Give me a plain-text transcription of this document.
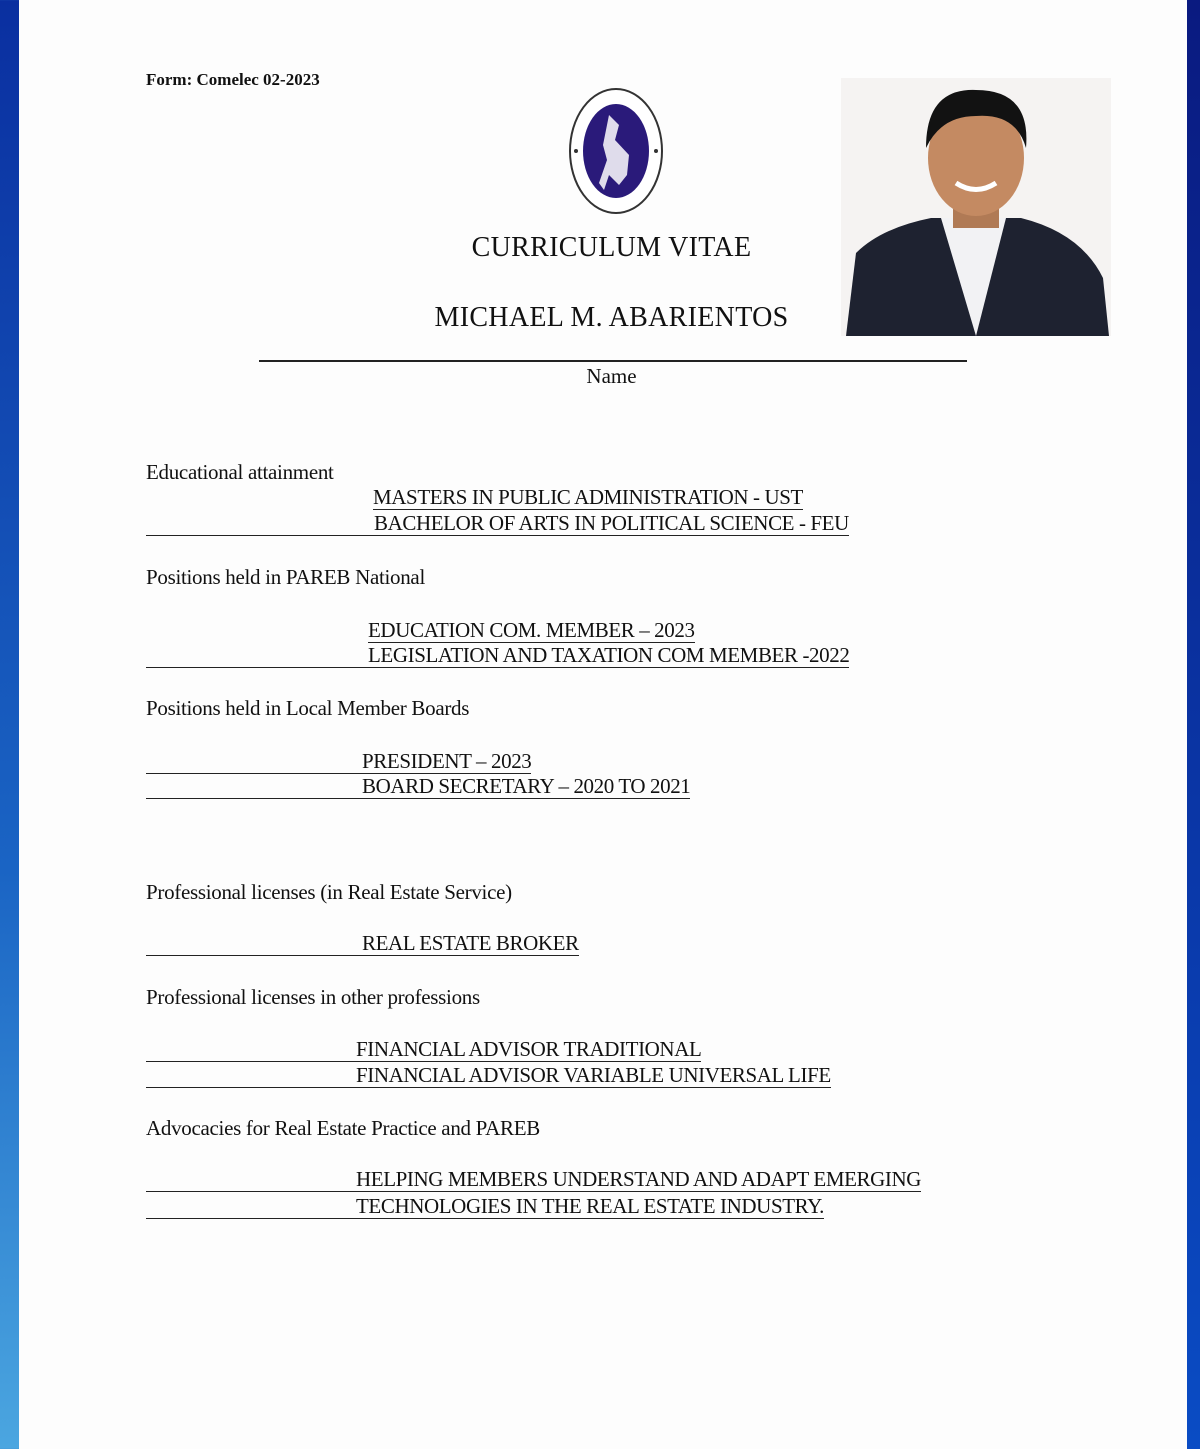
Form: Comelec 02-2023
CURRICULUM VITAE
MICHAEL M. ABARIENTOS
Name
Educational attainment
MASTERS IN PUBLIC ADMINISTRATION - UST
BACHELOR OF ARTS IN POLITICAL SCIENCE - FEU
Positions held in PAREB National
EDUCATION COM. MEMBER – 2023
LEGISLATION AND TAXATION COM MEMBER -2022
Positions held in Local Member Boards
PRESIDENT – 2023
BOARD SECRETARY – 2020 TO 2021
Professional licenses (in Real Estate Service)
REAL ESTATE BROKER
Professional licenses in other professions
FINANCIAL ADVISOR TRADITIONAL
FINANCIAL ADVISOR VARIABLE UNIVERSAL LIFE
Advocacies for Real Estate Practice and PAREB
HELPING MEMBERS UNDERSTAND AND ADAPT EMERGING
TECHNOLOGIES IN THE REAL ESTATE INDUSTRY.
